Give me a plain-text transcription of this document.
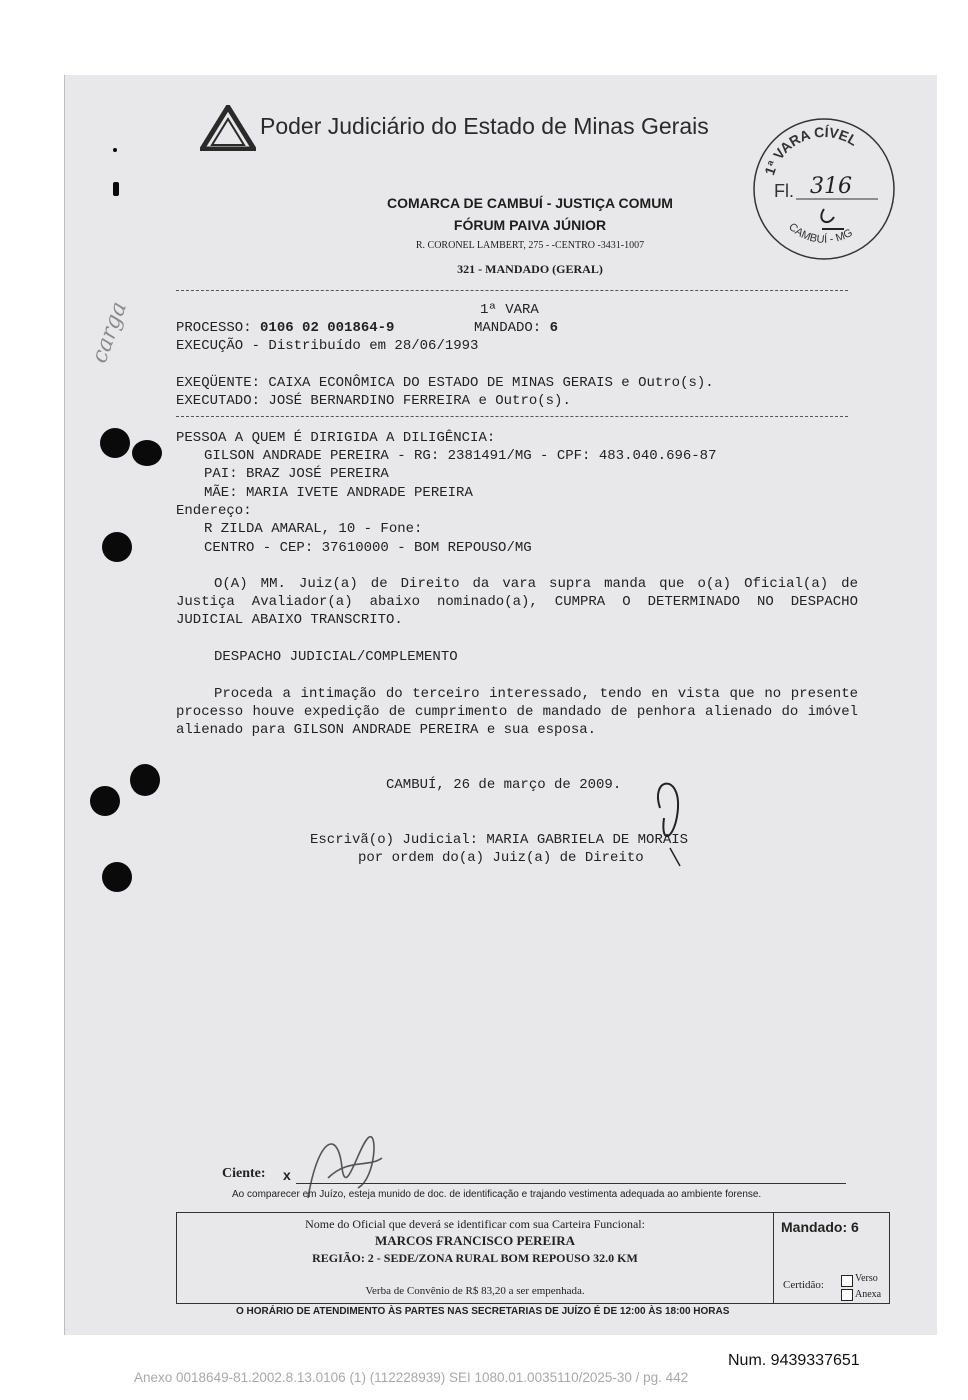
carga
Poder Judiciário do Estado de Minas Gerais
COMARCA DE CAMBUÍ - JUSTIÇA COMUM
FÓRUM PAIVA JÚNIOR
R. CORONEL LAMBERT, 275 - -CENTRO -3431-1007
321 - MANDADO (GERAL)
1ª VARA CÍVEL
CAMBUÍ - MG
Fl. 316
1ª VARA
PROCESSO: 0106 02 001864-9	MANDADO: 6
EXECUÇÃO - Distribuído em 28/06/1993
EXEQÜENTE: CAIXA ECONÔMICA DO ESTADO DE MINAS GERAIS e Outro(s).
EXECUTADO: JOSÉ BERNARDINO FERREIRA e Outro(s).
PESSOA A QUEM É DIRIGIDA A DILIGÊNCIA:
GILSON ANDRADE PEREIRA - RG: 2381491/MG - CPF: 483.040.696-87
PAI: BRAZ JOSÉ PEREIRA
MÃE: MARIA IVETE ANDRADE PEREIRA
Endereço:
R ZILDA AMARAL, 10 - Fone:
CENTRO - CEP: 37610000 - BOM REPOUSO/MG
O(A) MM. Juiz(a) de Direito da vara supra manda que o(a) Oficial(a) de Justiça Avaliador(a) abaixo nominado(a), CUMPRA O DETERMINADO NO DESPACHO JUDICIAL ABAIXO TRANSCRITO.
DESPACHO JUDICIAL/COMPLEMENTO
Proceda a intimação do terceiro interessado, tendo en vista que no presente processo houve expedição de cumprimento de mandado de penhora alienado do imóvel alienado para GILSON ANDRADE PEREIRA e sua esposa.
CAMBUÍ, 26 de março de 2009.
Escrivã(o) Judicial: MARIA GABRIELA DE MORAIS
por ordem do(a) Juiz(a) de Direito
Ciente: x
Ao comparecer em Juízo, esteja munido de doc. de identificação e trajando vestimenta adequada ao ambiente forense.
Nome do Oficial que deverá se identificar com sua Carteira Funcional:
MARCOS FRANCISCO PEREIRA
REGIÃO: 2 - SEDE/ZONA RURAL BOM REPOUSO 32.0 KM
Verba de Convênio de R$ 83,20 a ser empenhada.
Mandado: 6
Certidão:
Verso
Anexa
O HORÁRIO DE ATENDIMENTO ÀS PARTES NAS SECRETARIAS DE JUÍZO É DE 12:00 ÀS 18:00 HORAS
Num. 9439337651
Anexo 0018649-81.2002.8.13.0106 (1) (112228939) SEI 1080.01.0035110/2025-30 / pg. 442
